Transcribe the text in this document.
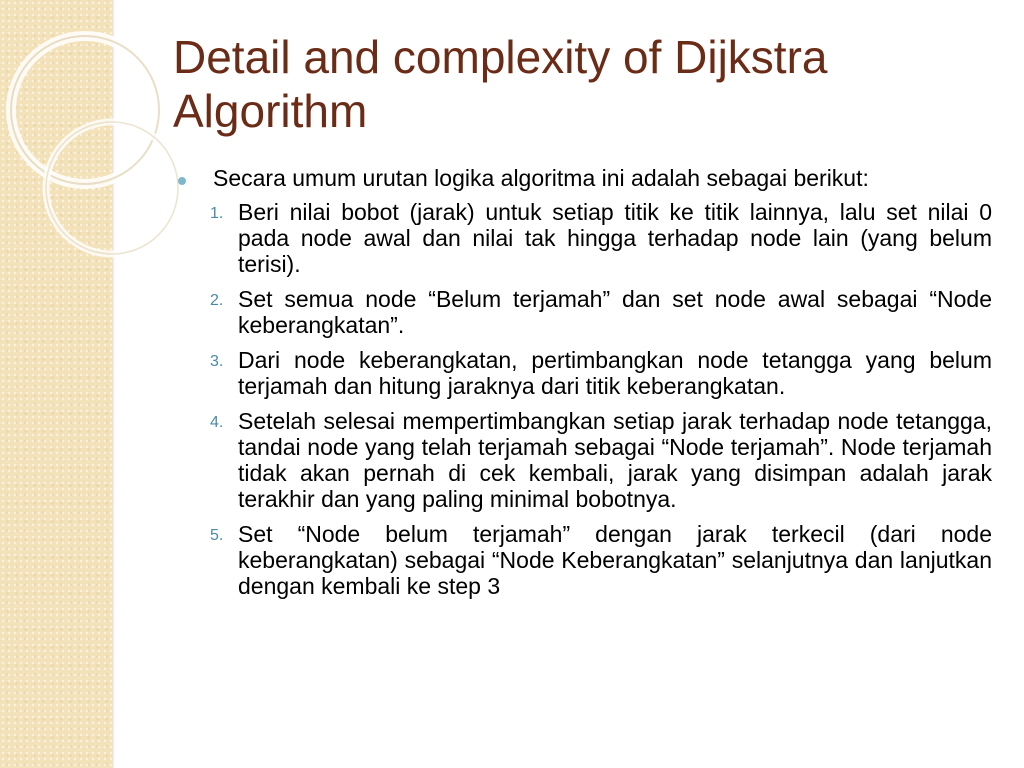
Detail and complexity of Dijkstra Algorithm
Secara umum urutan logika algoritma ini adalah sebagai berikut:
1. Beri nilai bobot (jarak) untuk setiap titik ke titik lainnya, lalu set nilai 0 pada node awal dan nilai tak hingga terhadap node lain (yang belum terisi).
2. Set semua node “Belum terjamah” dan set node awal sebagai “Node keberangkatan”.
3. Dari node keberangkatan, pertimbangkan node tetangga yang belum terjamah dan hitung jaraknya dari titik keberangkatan.
4. Setelah selesai mempertimbangkan setiap jarak terhadap node tetangga, tandai node yang telah terjamah sebagai “Node terjamah”. Node terjamah tidak akan pernah di cek kembali, jarak yang disimpan adalah jarak terakhir dan yang paling minimal bobotnya.
5. Set “Node belum terjamah” dengan jarak terkecil (dari node keberangkatan) sebagai “Node Keberangkatan” selanjutnya dan lanjutkan dengan kembali ke step 3
